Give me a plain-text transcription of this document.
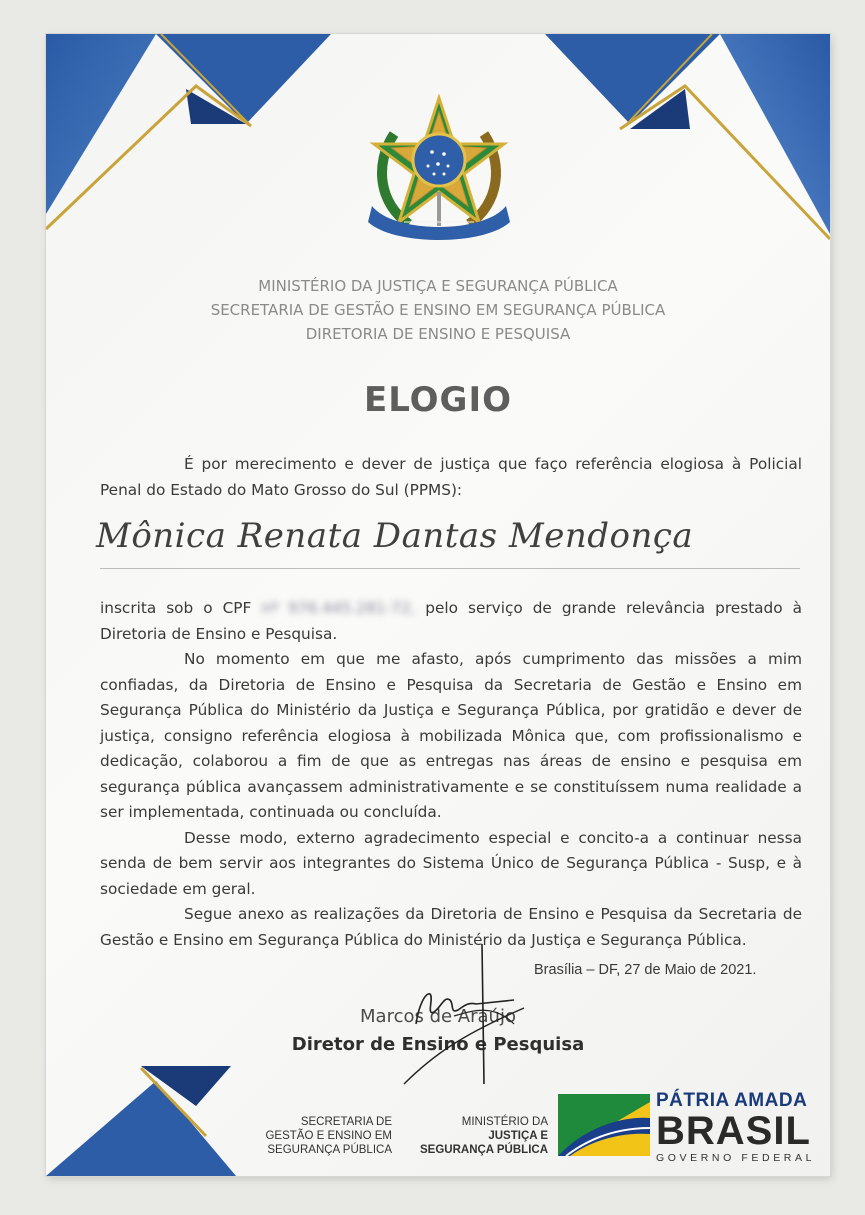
MINISTÉRIO DA JUSTIÇA E SEGURANÇA PÚBLICA
SECRETARIA DE GESTÃO E ENSINO EM SEGURANÇA PÚBLICA
DIRETORIA DE ENSINO E PESQUISA
ELOGIO

É por merecimento e dever de justiça que faço referência elogiosa à Policial Penal do Estado do Mato Grosso do Sul (PPMS):

Mônica Renata Dantas Mendonça

inscrita sob o CPF nº 976.445.281-72, pelo serviço de grande relevância prestado à Diretoria de Ensino e Pesquisa.

No momento em que me afasto, após cumprimento das missões a mim confiadas, da Diretoria de Ensino e Pesquisa da Secretaria de Gestão e Ensino em Segurança Pública do Ministério da Justiça e Segurança Pública, por gratidão e dever de justiça, consigno referência elogiosa à mobilizada Mônica que, com profissionalismo e dedicação, colaborou a fim de que as entregas nas áreas de ensino e pesquisa em segurança pública avançassem administrativamente e se constituíssem numa realidade a ser implementada, continuada ou concluída.

Desse modo, externo agradecimento especial e concito-a a continuar nessa senda de bem servir aos integrantes do Sistema Único de Segurança Pública - Susp, e à sociedade em geral.

Segue anexo as realizações da Diretoria de Ensino e Pesquisa da Secretaria de Gestão e Ensino em Segurança Pública do Ministério da Justiça e Segurança Pública.

Brasília – DF, 27 de Maio de 2021.
Marcos de Araújo
Diretor de Ensino e Pesquisa
SECRETARIA DE
GESTÃO E ENSINO EM
SEGURANÇA PÚBLICA
MINISTÉRIO DA
JUSTIÇA E
SEGURANÇA PÚBLICA
PÁTRIA AMADA
BRASIL
GOVERNO FEDERAL
